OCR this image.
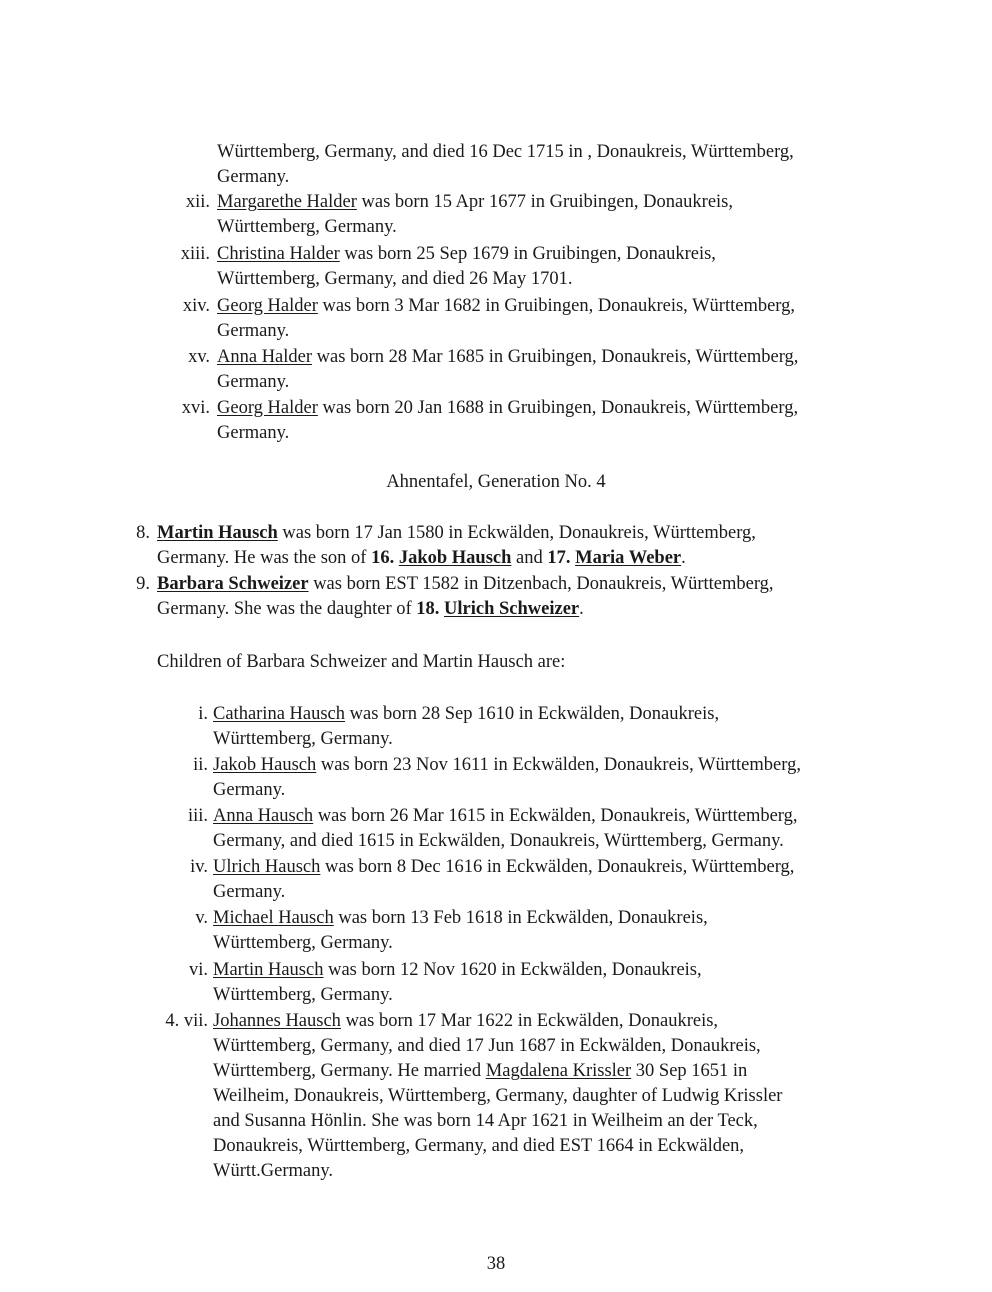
Württemberg, Germany, and died 16 Dec 1715 in , Donaukreis, Württemberg,
Germany.
xii. Margarethe Halder was born 15 Apr 1677 in Gruibingen, Donaukreis,
Württemberg, Germany.
xiii. Christina Halder was born 25 Sep 1679 in Gruibingen, Donaukreis,
Württemberg, Germany, and died 26 May 1701.
xiv. Georg Halder was born 3 Mar 1682 in Gruibingen, Donaukreis, Württemberg,
Germany.
xv. Anna Halder was born 28 Mar 1685 in Gruibingen, Donaukreis, Württemberg,
Germany.
xvi. Georg Halder was born 20 Jan 1688 in Gruibingen, Donaukreis, Württemberg,
Germany.
Ahnentafel, Generation No. 4
8. Martin Hausch was born 17 Jan 1580 in Eckwälden, Donaukreis, Württemberg,
Germany. He was the son of 16. Jakob Hausch and 17. Maria Weber.
9. Barbara Schweizer was born EST 1582 in Ditzenbach, Donaukreis, Württemberg,
Germany. She was the daughter of 18. Ulrich Schweizer.
Children of Barbara Schweizer and Martin Hausch are:
i. Catharina Hausch was born 28 Sep 1610 in Eckwälden, Donaukreis,
Württemberg, Germany.
ii. Jakob Hausch was born 23 Nov 1611 in Eckwälden, Donaukreis, Württemberg,
Germany.
iii. Anna Hausch was born 26 Mar 1615 in Eckwälden, Donaukreis, Württemberg,
Germany, and died 1615 in Eckwälden, Donaukreis, Württemberg, Germany.
iv. Ulrich Hausch was born 8 Dec 1616 in Eckwälden, Donaukreis, Württemberg,
Germany.
v. Michael Hausch was born 13 Feb 1618 in Eckwälden, Donaukreis,
Württemberg, Germany.
vi. Martin Hausch was born 12 Nov 1620 in Eckwälden, Donaukreis,
Württemberg, Germany.
4. vii. Johannes Hausch was born 17 Mar 1622 in Eckwälden, Donaukreis,
Württemberg, Germany, and died 17 Jun 1687 in Eckwälden, Donaukreis,
Württemberg, Germany. He married Magdalena Krissler 30 Sep 1651 in
Weilheim, Donaukreis, Württemberg, Germany, daughter of Ludwig Krissler
and Susanna Hönlin. She was born 14 Apr 1621 in Weilheim an der Teck,
Donaukreis, Württemberg, Germany, and died EST 1664 in Eckwälden,
Württ.Germany.
38
